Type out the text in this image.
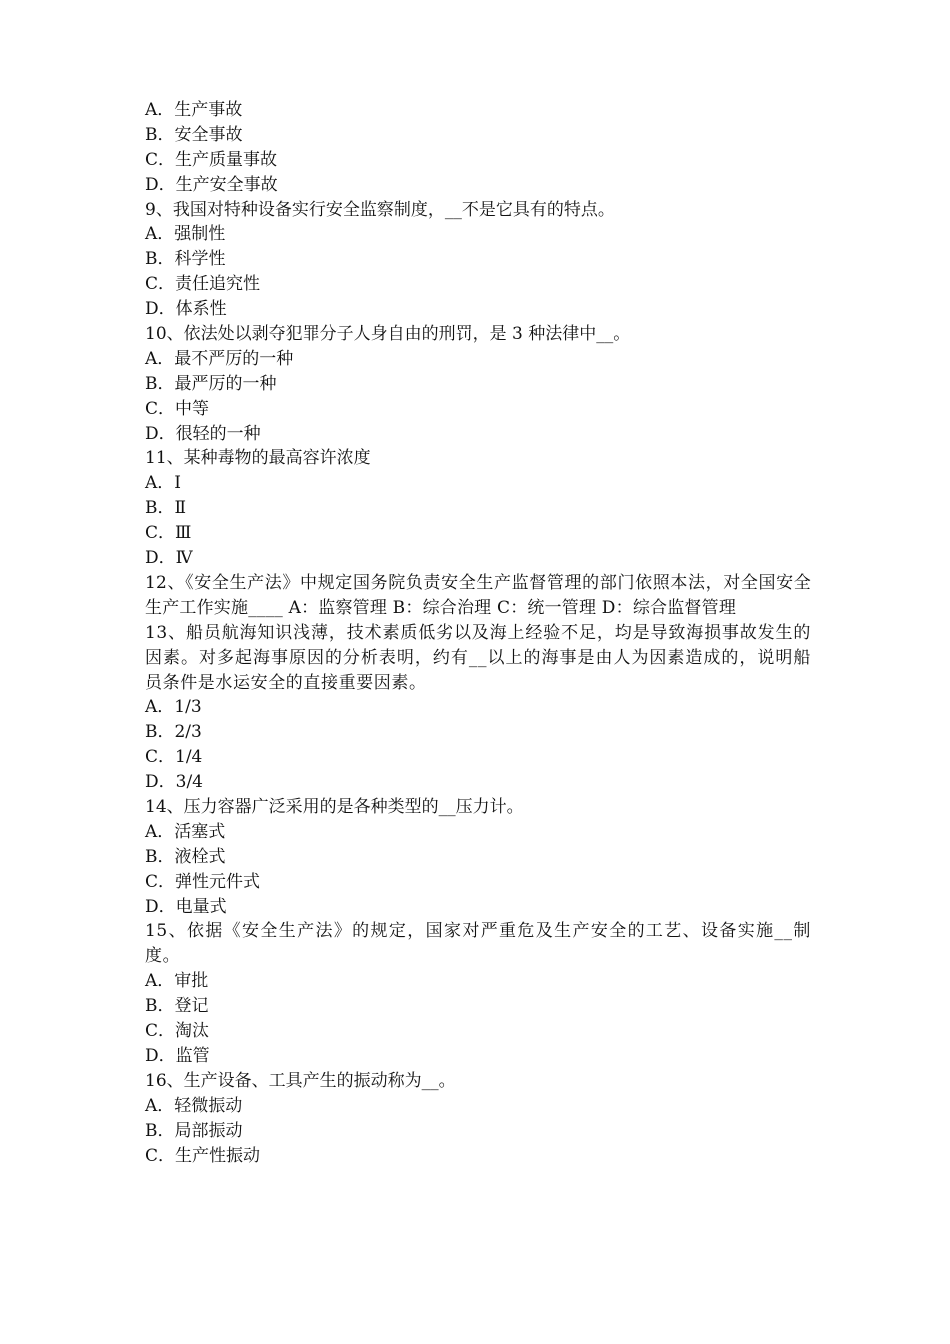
A．生产事故
B．安全事故
C．生产质量事故
D．生产安全事故
9、我国对特种设备实行安全监察制度，__不是它具有的特点。
A．强制性
B．科学性
C．责任追究性
D．体系性
10、依法处以剥夺犯罪分子人身自由的刑罚，是 3 种法律中__。
A．最不严厉的一种
B．最严厉的一种
C．中等
D．很轻的一种
11、某种毒物的最高容许浓度
A．Ⅰ
B．Ⅱ
C．Ⅲ
D．Ⅳ
12、《安全生产法》中规定国务院负责安全生产监督管理的部门依照本法，对全国安全生产工作实施____ A：监察管理 B：综合治理 C：统一管理 D：综合监督管理
13、船员航海知识浅薄，技术素质低劣以及海上经验不足，均是导致海损事故发生的因素。对多起海事原因的分析表明，约有__以上的海事是由人为因素造成的，说明船员条件是水运安全的直接重要因素。
A．1/3
B．2/3
C．1/4
D．3/4
14、压力容器广泛采用的是各种类型的__压力计。
A．活塞式
B．液栓式
C．弹性元件式
D．电量式
15、依据《安全生产法》的规定，国家对严重危及生产安全的工艺、设备实施__制度。
A．审批
B．登记
C．淘汰
D．监管
16、生产设备、工具产生的振动称为__。
A．轻微振动
B．局部振动
C．生产性振动
